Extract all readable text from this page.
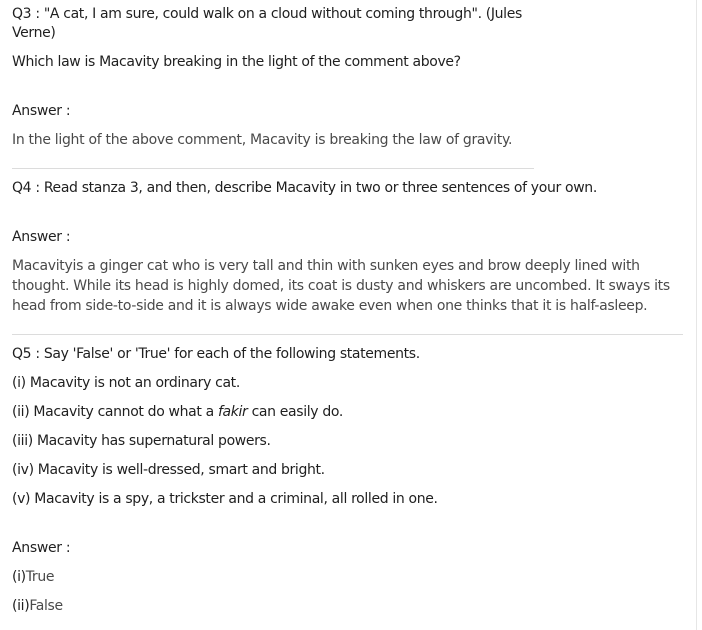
Q3 : "A cat, I am sure, could walk on a cloud without coming through". (Jules
Verne)
Which law is Macavity breaking in the light of the comment above?
Answer :
In the light of the above comment, Macavity is breaking the law of gravity.
Q4 : Read stanza 3, and then, describe Macavity in two or three sentences of your own.
Answer :
Macavityis a ginger cat who is very tall and thin with sunken eyes and brow deeply lined with
thought. While its head is highly domed, its coat is dusty and whiskers are uncombed. It sways its
head from side-to-side and it is always wide awake even when one thinks that it is half-asleep.
Q5 : Say 'False' or 'True' for each of the following statements.
(i) Macavity is not an ordinary cat.
(ii) Macavity cannot do what a fakir can easily do.
(iii) Macavity has supernatural powers.
(iv) Macavity is well-dressed, smart and bright.
(v) Macavity is a spy, a trickster and a criminal, all rolled in one.
Answer :
(i)True
(ii)False
